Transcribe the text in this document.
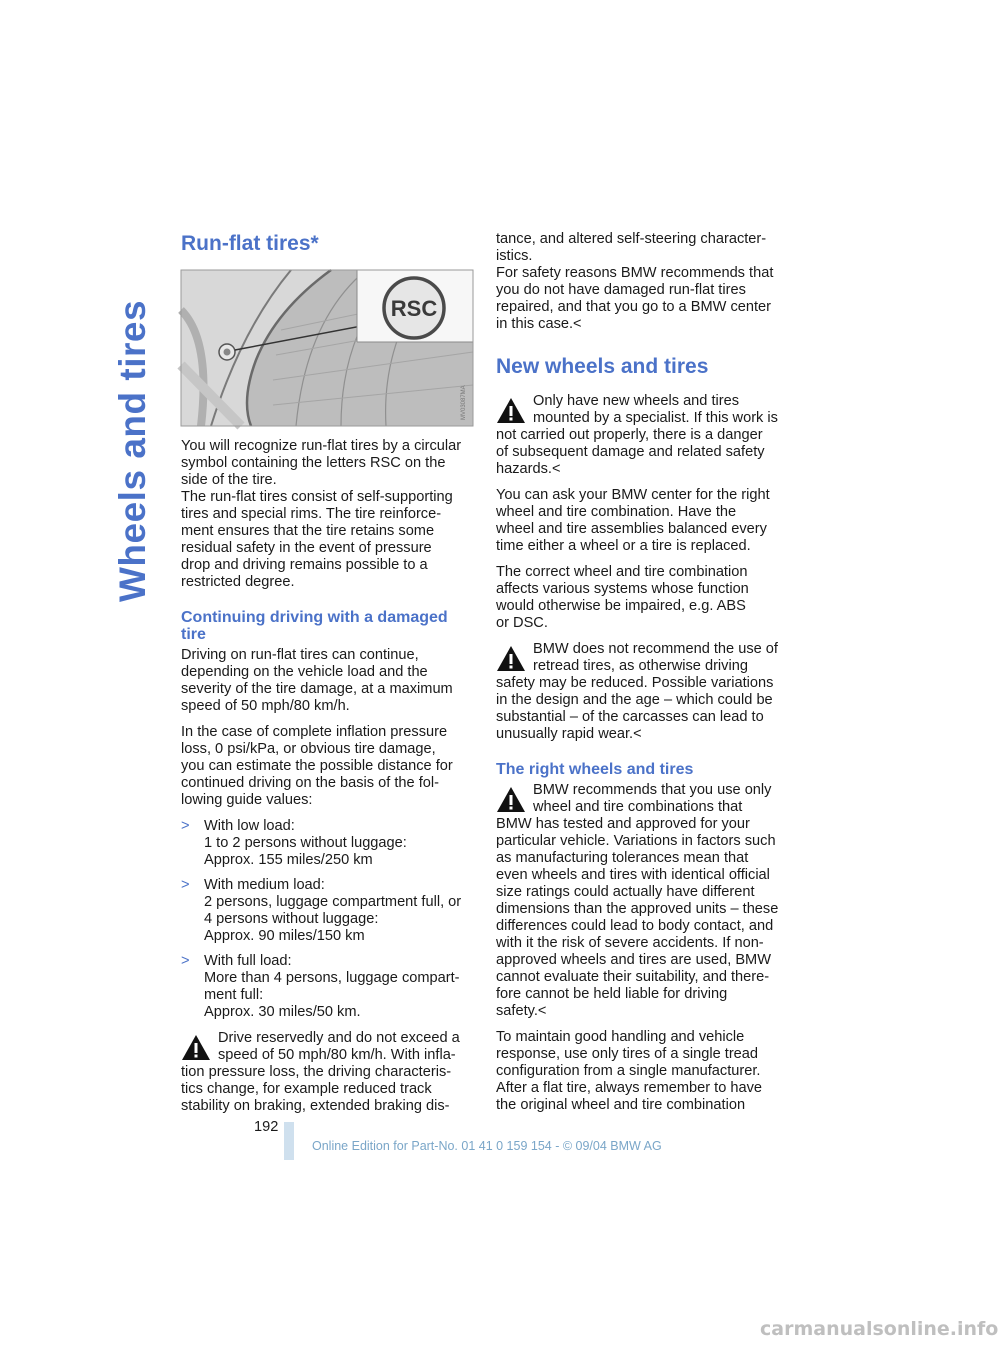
Wheels and tires
Run-flat tires*
RSC
MV03087MA

You will recognize run-flat tires by a circular
symbol containing the letters RSC on the
side of the tire.
The run-flat tires consist of self-supporting
tires and special rims. The tire reinforce-
ment ensures that the tire retains some
residual safety in the event of pressure
drop and driving remains possible to a
restricted degree.

Continuing driving with a damaged tire

Driving on run-flat tires can continue,
depending on the vehicle load and the
severity of the tire damage, at a maximum
speed of 50 mph/80 km/h.

In the case of complete inflation pressure
loss, 0 psi/kPa, or obvious tire damage,
you can estimate the possible distance for
continued driving on the basis of the fol-
lowing guide values:

> With low load:
1 to 2 persons without luggage:
Approx. 155 miles/250 km
> With medium load:
2 persons, luggage compartment full, or
4 persons without luggage:
Approx. 90 miles/150 km
> With full load:
More than 4 persons, luggage compart-
ment full:
Approx. 30 miles/50 km.
Drive reservedly and do not exceed a
speed of 50 mph/80 km/h. With infla-
tion pressure loss, the driving characteris-
tics change, for example reduced track
stability on braking, extended braking dis-

tance, and altered self-steering character-
istics.
For safety reasons BMW recommends that
you do not have damaged run-flat tires
repaired, and that you go to a BMW center
in this case.<

New wheels and tires
Only have new wheels and tires
mounted by a specialist. If this work is
not carried out properly, there is a danger
of subsequent damage and related safety
hazards.<

You can ask your BMW center for the right
wheel and tire combination. Have the
wheel and tire assemblies balanced every
time either a wheel or a tire is replaced.

The correct wheel and tire combination
affects various systems whose function
would otherwise be impaired, e.g. ABS
or DSC.

BMW does not recommend the use of
retread tires, as otherwise driving
safety may be reduced. Possible variations
in the design and the age – which could be
substantial – of the carcasses can lead to
unusually rapid wear.<
The right wheels and tires
BMW recommends that you use only
wheel and tire combinations that
BMW has tested and approved for your
particular vehicle. Variations in factors such
as manufacturing tolerances mean that
even wheels and tires with identical official
size ratings could actually have different
dimensions than the approved units – these
differences could lead to body contact, and
with it the risk of severe accidents. If non-
approved wheels and tires are used, BMW
cannot evaluate their suitability, and there-
fore cannot be held liable for driving
safety.<

To maintain good handling and vehicle
response, use only tires of a single tread
configuration from a single manufacturer.
After a flat tire, always remember to have
the original wheel and tire combination

192
Online Edition for Part-No. 01 41 0 159 154 - © 09/04 BMW AG
carmanualsonline.info
